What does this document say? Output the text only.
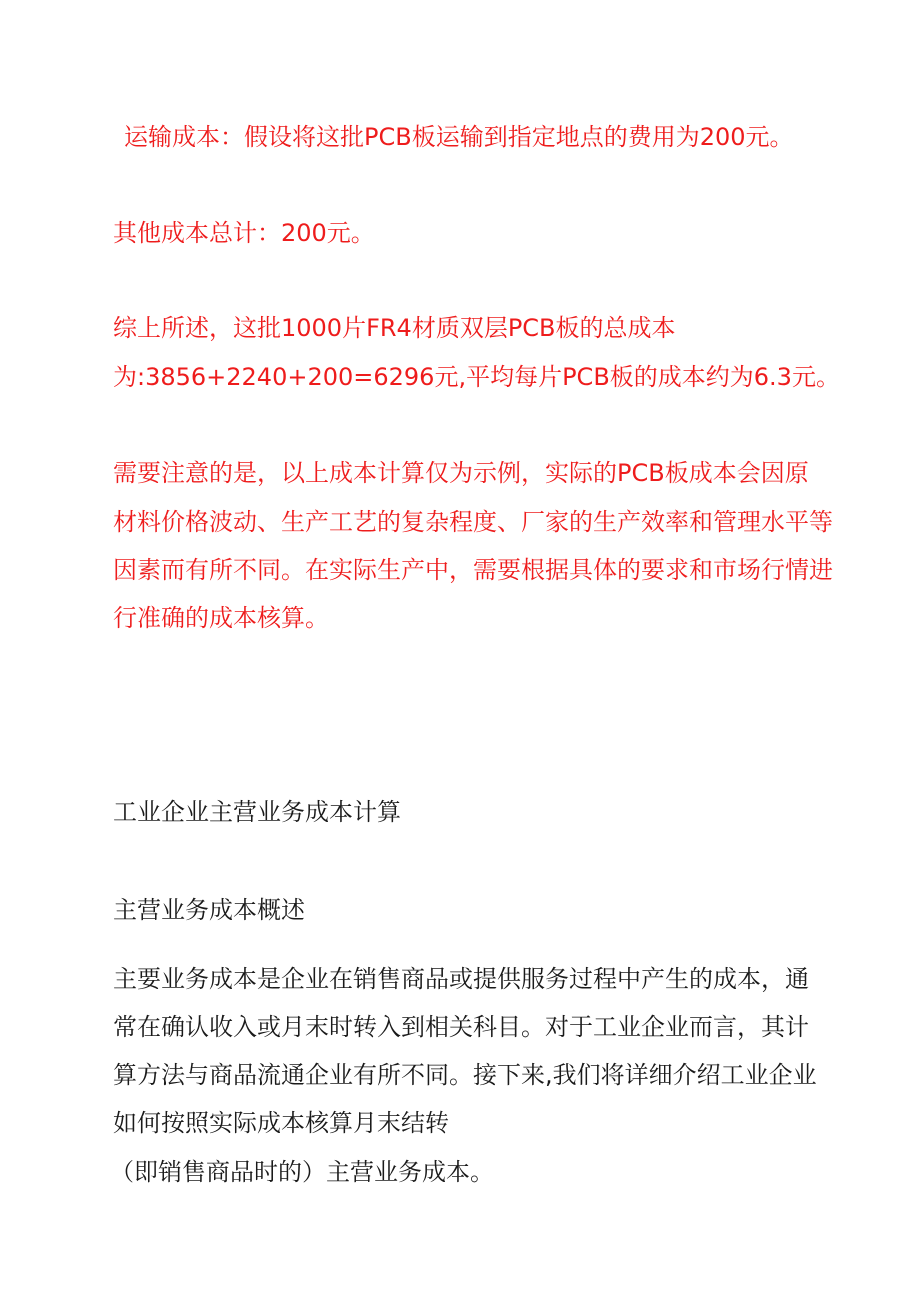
运输成本：假设将这批PCB板运输到指定地点的费用为200元。

其他成本总计：200元。

综上所述，这批1000片FR4材质双层PCB板的总成本

为:3856+2240+200=6296元,平均每片PCB板的成本约为6.3元。

需要注意的是，以上成本计算仅为示例，实际的PCB板成本会因原

材料价格波动、生产工艺的复杂程度、厂家的生产效率和管理水平等

因素而有所不同。在实际生产中，需要根据具体的要求和市场行情进

行准确的成本核算。

工业企业主营业务成本计算

主营业务成本概述

主要业务成本是企业在销售商品或提供服务过程中产生的成本，通

常在确认收入或月末时转入到相关科目。对于工业企业而言，其计

算方法与商品流通企业有所不同。接下来,我们将详细介绍工业企业

如何按照实际成本核算月末结转

（即销售商品时的）主营业务成本。
